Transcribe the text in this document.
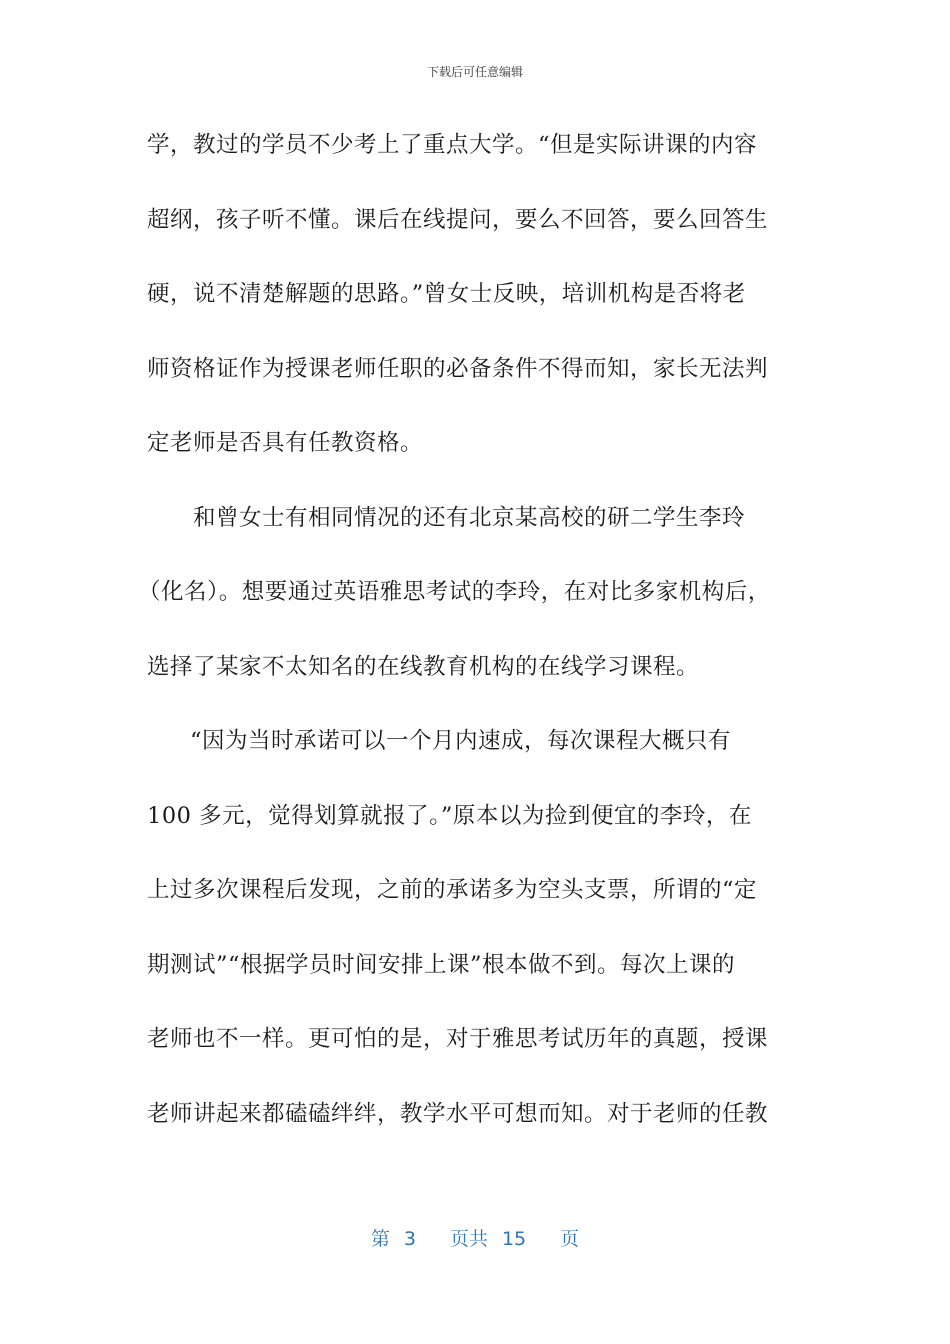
下载后可任意编辑
学，教过的学员不少考上了重点大学。“但是实际讲课的内容
超纲，孩子听不懂。课后在线提问，要么不回答，要么回答生
硬，说不清楚解题的思路。”曾女士反映，培训机构是否将老
师资格证作为授课老师任职的必备条件不得而知，家长无法判
定老师是否具有任教资格。
和曾女士有相同情况的还有北京某高校的研二学生李玲
（化名）。想要通过英语雅思考试的李玲，在对比多家机构后，
选择了某家不太知名的在线教育机构的在线学习课程。
“因为当时承诺可以一个月内速成，每次课程大概只有
100 多元，觉得划算就报了。”原本以为捡到便宜的李玲，在
上过多次课程后发现，之前的承诺多为空头支票，所谓的“定
期测试”“根据学员时间安排上课”根本做不到。每次上课的
老师也不一样。更可怕的是，对于雅思考试历年的真题，授课
老师讲起来都磕磕绊绊，教学水平可想而知。对于老师的任教
第 3 页共 15 页
